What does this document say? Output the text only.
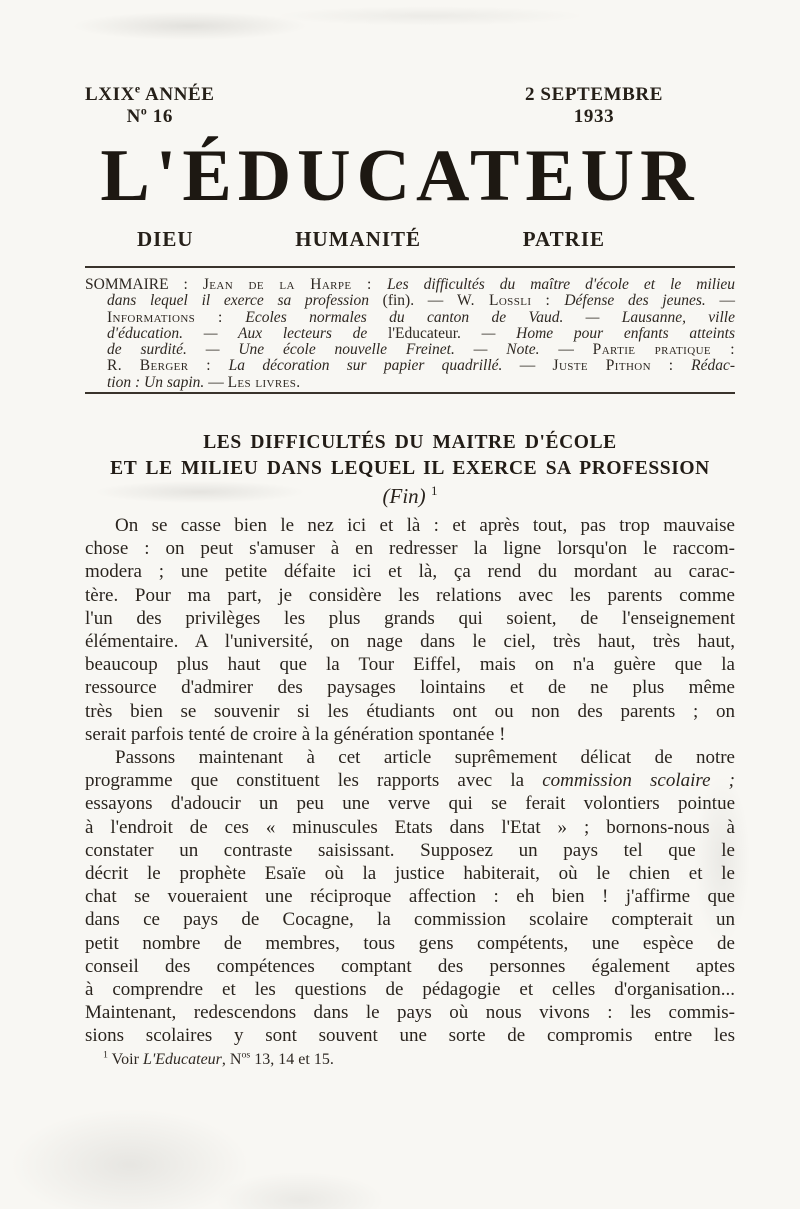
LXIXe ANNÉE
$N^o$ 16
2 SEPTEMBRE
1933
L'ÉDUCATEUR
DIEU	HUMANITÉ	PATRIE
SOMMAIRE : Jean de la Harpe : Les difficultés du maître d'école et le milieu
dans lequel il exerce sa profession (fin). — W. Lossli : Défense des jeunes. —
Informations : Ecoles normales du canton de Vaud. — Lausanne, ville
d'éducation. — Aux lecteurs de l'Educateur. — Home pour enfants atteints
de surdité. — Une école nouvelle Freinet. — Note. — Partie pratique :
R. Berger : La décoration sur papier quadrillé. — Juste Pithon : Rédac-
tion : Un sapin. — Les livres.
LES DIFFICULTÉS DU MAITRE D'ÉCOLE
ET LE MILIEU DANS LEQUEL IL EXERCE SA PROFESSION
(Fin) $^1$
On se casse bien le nez ici et là : et après tout, pas trop mauvaise
chose : on peut s'amuser à en redresser la ligne lorsqu'on le raccom-
modera ; une petite défaite ici et là, ça rend du mordant au carac-
tère. Pour ma part, je considère les relations avec les parents comme
l'un des privilèges les plus grands qui soient, de l'enseignement
élémentaire. A l'université, on nage dans le ciel, très haut, très haut,
beaucoup plus haut que la Tour Eiffel, mais on n'a guère que la
ressource d'admirer des paysages lointains et de ne plus même
très bien se souvenir si les étudiants ont ou non des parents ; on
serait parfois tenté de croire à la génération spontanée !
Passons maintenant à cet article suprêmement délicat de notre
programme que constituent les rapports avec la commission scolaire ;
essayons d'adoucir un peu une verve qui se ferait volontiers pointue
à l'endroit de ces « minuscules Etats dans l'Etat » ; bornons-nous à
constater un contraste saisissant. Supposez un pays tel que le
décrit le prophète Esaïe où la justice habiterait, où le chien et le
chat se voueraient une réciproque affection : eh bien ! j'affirme que
dans ce pays de Cocagne, la commission scolaire compterait un
petit nombre de membres, tous gens compétents, une espèce de
conseil des compétences comptant des personnes également aptes
à comprendre et les questions de pédagogie et celles d'organisation...
Maintenant, redescendons dans le pays où nous vivons : les commis-
sions scolaires y sont souvent une sorte de compromis entre les
$^1$ Voir L'Educateur, $N^{os}$ 13, 14 et 15.
